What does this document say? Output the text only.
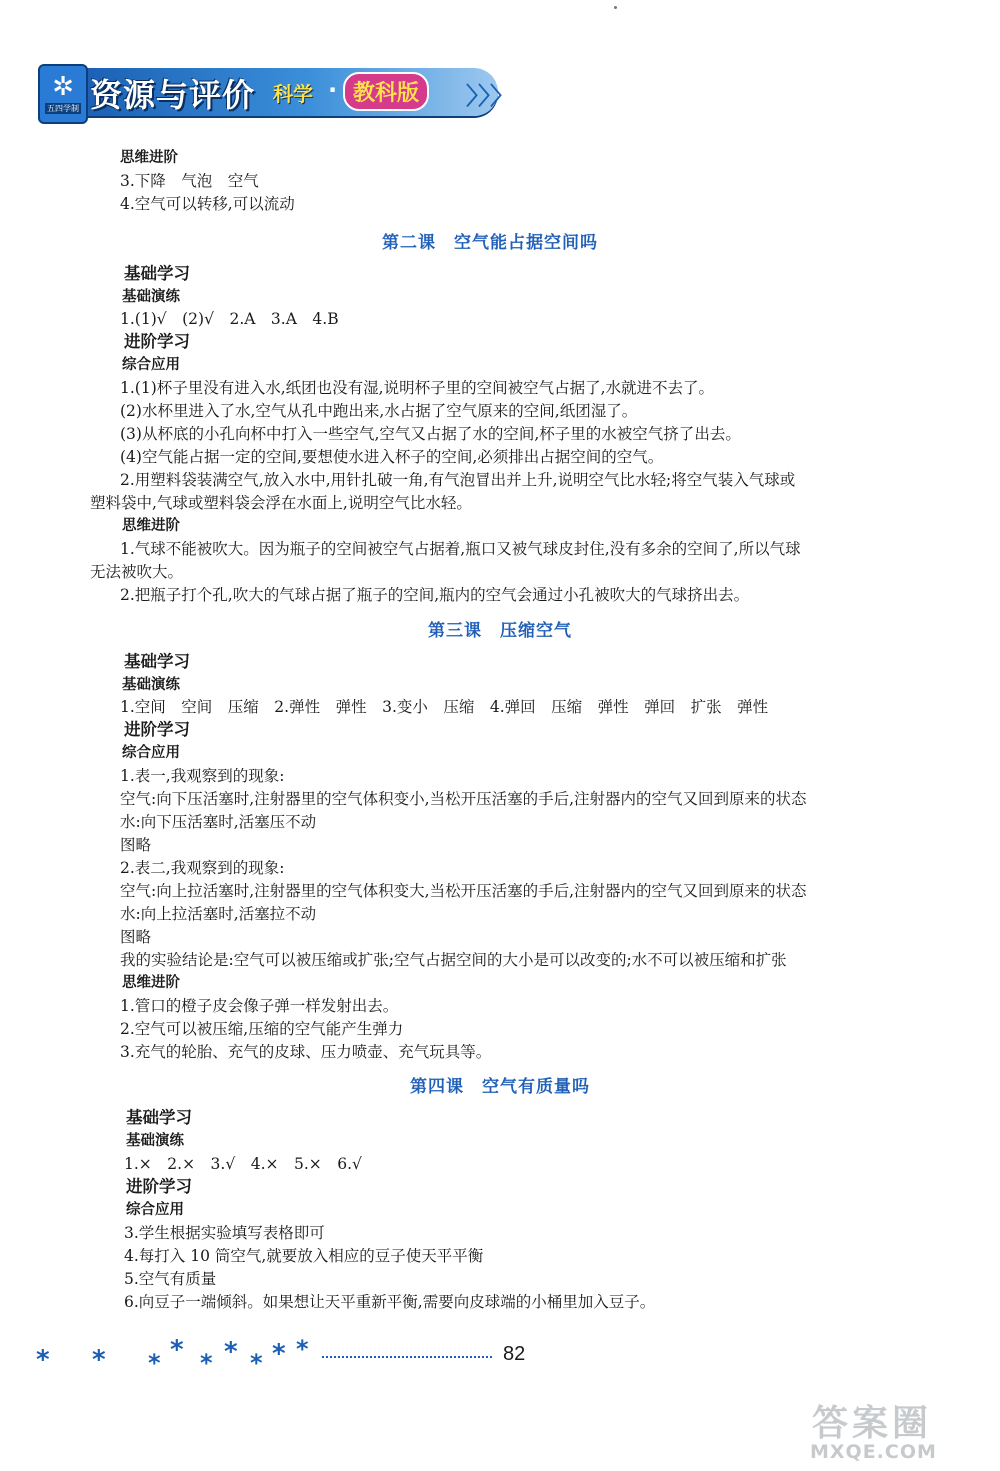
✲
五四学制 资源与评价 科学 · 教科版	〉〉〉
思维进阶
3.下降　气泡　空气
4.空气可以转移,可以流动
第二课　空气能占据空间吗
基础学习
基础演练
1.(1)√　(2)√　2.A　3.A　4.B
进阶学习
综合应用
1.(1)杯子里没有进入水,纸团也没有湿,说明杯子里的空间被空气占据了,水就进不去了。
(2)水杯里进入了水,空气从孔中跑出来,水占据了空气原来的空间,纸团湿了。
(3)从杯底的小孔向杯中打入一些空气,空气又占据了水的空间,杯子里的水被空气挤了出去。
(4)空气能占据一定的空间,要想使水进入杯子的空间,必须排出占据空间的空气。
2.用塑料袋装满空气,放入水中,用针扎破一角,有气泡冒出并上升,说明空气比水轻;将空气装入气球或
塑料袋中,气球或塑料袋会浮在水面上,说明空气比水轻。
思维进阶
1.气球不能被吹大。因为瓶子的空间被空气占据着,瓶口又被气球皮封住,没有多余的空间了,所以气球
无法被吹大。
2.把瓶子打个孔,吹大的气球占据了瓶子的空间,瓶内的空气会通过小孔被吹大的气球挤出去。
第三课　压缩空气
基础学习
基础演练
1.空间　空间　压缩　2.弹性　弹性　3.变小　压缩　4.弹回　压缩　弹性　弹回　扩张　弹性
进阶学习
综合应用
1.表一,我观察到的现象:
空气:向下压活塞时,注射器里的空气体积变小,当松开压活塞的手后,注射器内的空气又回到原来的状态
水:向下压活塞时,活塞压不动
图略
2.表二,我观察到的现象:
空气:向上拉活塞时,注射器里的空气体积变大,当松开压活塞的手后,注射器内的空气又回到原来的状态
水:向上拉活塞时,活塞拉不动
图略
我的实验结论是:空气可以被压缩或扩张;空气占据空间的大小是可以改变的;水不可以被压缩和扩张
思维进阶
1.管口的橙子皮会像子弹一样发射出去。
2.空气可以被压缩,压缩的空气能产生弹力
3.充气的轮胎、充气的皮球、压力喷壶、充气玩具等。
第四课　空气有质量吗
基础学习
基础演练
1.×　2.×　3.√　4.×　5.×　6.√
进阶学习
综合应用
3.学生根据实验填写表格即可
4.每打入 10 筒空气,就要放入相应的豆子使天平平衡
5.空气有质量
6.向豆子一端倾斜。如果想让天平重新平衡,需要向皮球端的小桶里加入豆子。
* * * * * * * * *	82
答案圈
MXQE.COM
